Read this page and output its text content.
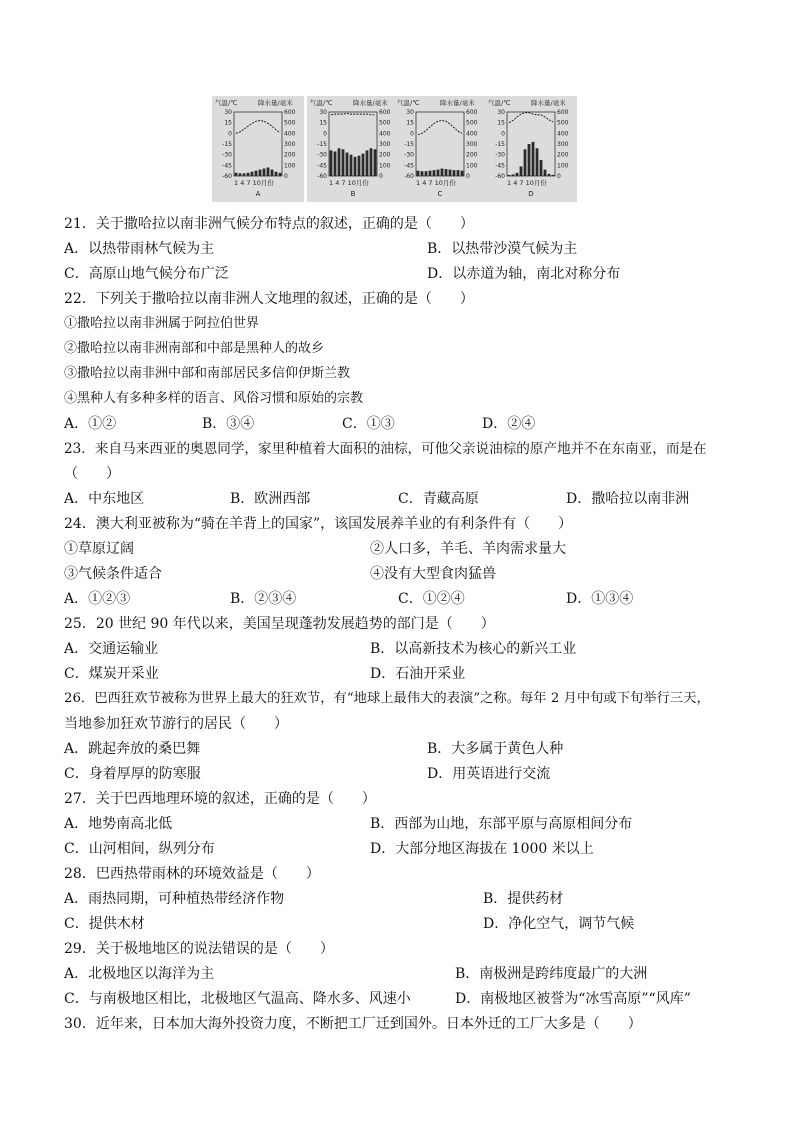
气温/℃	降水量/毫米
30
15
0
-15
-30
-45
-60
600
500
400
300
200
100
0
1 4 7 10月份
A
气温/℃	降水量/毫米
30
15
0
-15
-30
-45
-60
600
500
400
300
200
100
0
1 4 7 10月份
B
气温/℃	降水量/毫米
30
15
0
-15
-30
-45
-60
600
500
400
300
200
100
0
1 4 7 10月份
C
气温/℃	降水量/毫米
30
15
0
-15
-30
-45
-60
600
500
400
300
200
100
0
1 4 7 10月份
D
21．关于撒哈拉以南非洲气候分布特点的叙述，正确的是（　　）
A．以热带雨林气候为主	B．以热带沙漠气候为主
C．高原山地气候分布广泛	D．以赤道为轴，南北对称分布
22．下列关于撒哈拉以南非洲人文地理的叙述，正确的是（　　）
①撒哈拉以南非洲属于阿拉伯世界
②撒哈拉以南非洲南部和中部是黑种人的故乡
③撒哈拉以南非洲中部和南部居民多信仰伊斯兰教
④黑种人有多种多样的语言、风俗习惯和原始的宗教
A．①②	B．③④	C．①③	D．②④
23．来自马来西亚的奥恩同学，家里种植着大面积的油棕，可他父亲说油棕的原产地并不在东南亚，而是在
（　　）
A．中东地区	B．欧洲西部	C．青藏高原	D．撒哈拉以南非洲
24．澳大利亚被称为“骑在羊背上的国家”，该国发展养羊业的有利条件有（　　）
①草原辽阔	②人口多，羊毛、羊肉需求量大
③气候条件适合	④没有大型食肉猛兽
A．①②③	B．②③④	C．①②④	D．①③④
25．20 世纪 90 年代以来，美国呈现蓬勃发展趋势的部门是（　　）
A．交通运输业	B．以高新技术为核心的新兴工业
C．煤炭开采业	D．石油开采业
26．巴西狂欢节被称为世界上最大的狂欢节，有“地球上最伟大的表演”之称。每年 2 月中旬或下旬举行三天，
当地参加狂欢节游行的居民（　　）
A．跳起奔放的桑巴舞	B．大多属于黄色人种
C．身着厚厚的防寒服	D．用英语进行交流
27．关于巴西地理环境的叙述，正确的是（　　）
A．地势南高北低	B．西部为山地，东部平原与高原相间分布
C．山河相间，纵列分布	D．大部分地区海拔在 1000 米以上
28．巴西热带雨林的环境效益是（　　）
A．雨热同期，可种植热带经济作物	B．提供药材
C．提供木材	D．净化空气，调节气候
29．关于极地地区的说法错误的是（　　）
A．北极地区以海洋为主	B．南极洲是跨纬度最广的大洲
C．与南极地区相比，北极地区气温高、降水多、风速小	D．南极地区被誉为“冰雪高原”“风库”
30．近年来，日本加大海外投资力度，不断把工厂迁到国外。日本外迁的工厂大多是（　　）
